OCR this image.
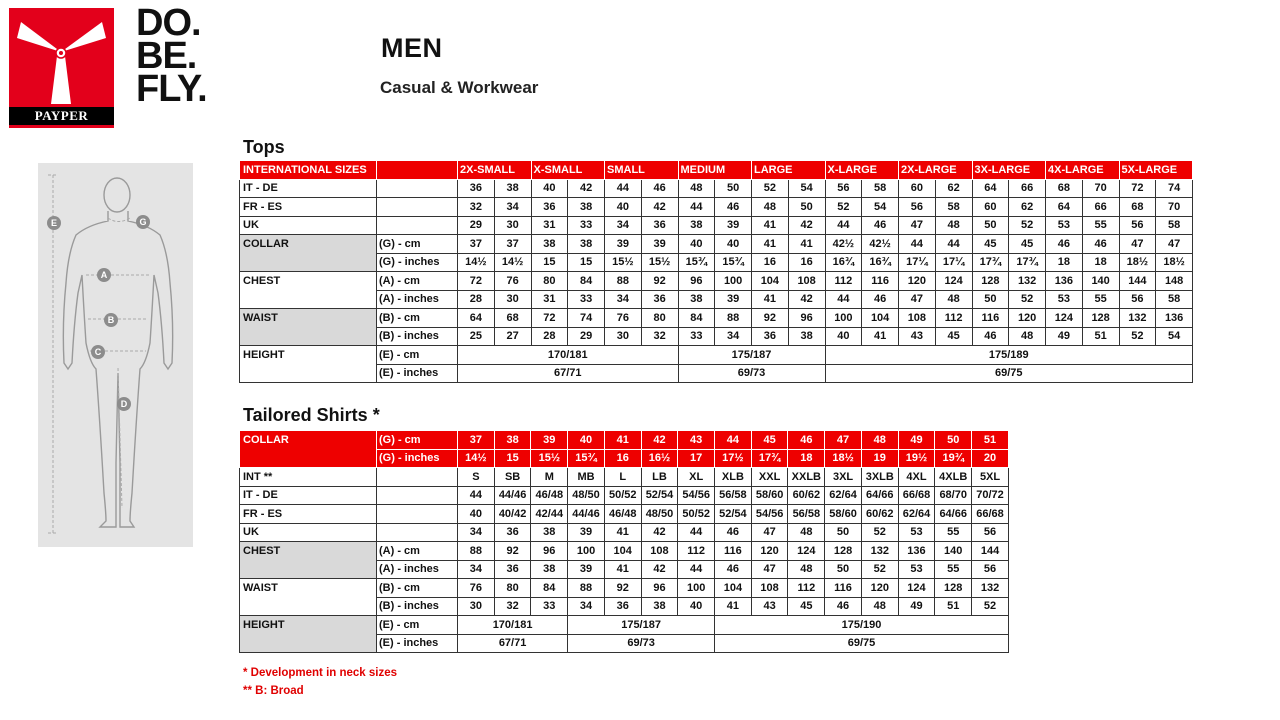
PAYPER
DO.
BE.
FLY.
MEN
Casual & Workwear
E	G
A
B
C
D
Tops
INTERNATIONAL SIZES		2X-SMALL		X-SMALL		SMALL		MEDIUM		LARGE		X-LARGE		2X-LARGE		3X-LARGE		4X-LARGE		5X-LARGE	
IT - DE		36	38	40	42	44	46	48	50	52	54	56	58	60	62	64	66	68	70	72	74
FR - ES		32	34	36	38	40	42	44	46	48	50	52	54	56	58	60	62	64	66	68	70
UK		29	30	31	33	34	36	38	39	41	42	44	46	47	48	50	52	53	55	56	58
COLLAR	(G) - cm	37	37	38	38	39	39	40	40	41	41	42½	42½	44	44	45	45	46	46	47	47
	(G) - inches	14½	14½	15	15	15½	15½	15¾	15¾	16	16	16¾	16¾	17¼	17¼	17¾	17¾	18	18	18½	18½
CHEST	(A) - cm	72	76	80	84	88	92	96	100	104	108	112	116	120	124	128	132	136	140	144	148
	(A) - inches	28	30	31	33	34	36	38	39	41	42	44	46	47	48	50	52	53	55	56	58
WAIST	(B) - cm	64	68	72	74	76	80	84	88	92	96	100	104	108	112	116	120	124	128	132	136
	(B) - inches	25	27	28	29	30	32	33	34	36	38	40	41	43	45	46	48	49	51	52	54
HEIGHT	(E) - cm	170/181						175/187				175/189									
	(E) - inches	67/71						69/73				69/75									
Tailored Shirts *
COLLAR	(G) - cm	37	38	39	40	41	42	43	44	45	46	47	48	49	50	51
	(G) - inches	14½	15	15½	15¾	16	16½	17	17½	17¾	18	18½	19	19½	19¾	20
INT **		S	SB	M	MB	L	LB	XL	XLB	XXL	XXLB	3XL	3XLB	4XL	4XLB	5XL
IT - DE		44	44/46	46/48	48/50	50/52	52/54	54/56	56/58	58/60	60/62	62/64	64/66	66/68	68/70	70/72
FR - ES		40	40/42	42/44	44/46	46/48	48/50	50/52	52/54	54/56	56/58	58/60	60/62	62/64	64/66	66/68
UK		34	36	38	39	41	42	44	46	47	48	50	52	53	55	56
CHEST	(A) - cm	88	92	96	100	104	108	112	116	120	124	128	132	136	140	144
	(A) - inches	34	36	38	39	41	42	44	46	47	48	50	52	53	55	56
WAIST	(B) - cm	76	80	84	88	92	96	100	104	108	112	116	120	124	128	132
	(B) - inches	30	32	33	34	36	38	40	41	43	45	46	48	49	51	52
HEIGHT	(E) - cm	170/181			175/187				175/190							
	(E) - inches	67/71			69/73				69/75							
* Development in neck sizes
** B: Broad
